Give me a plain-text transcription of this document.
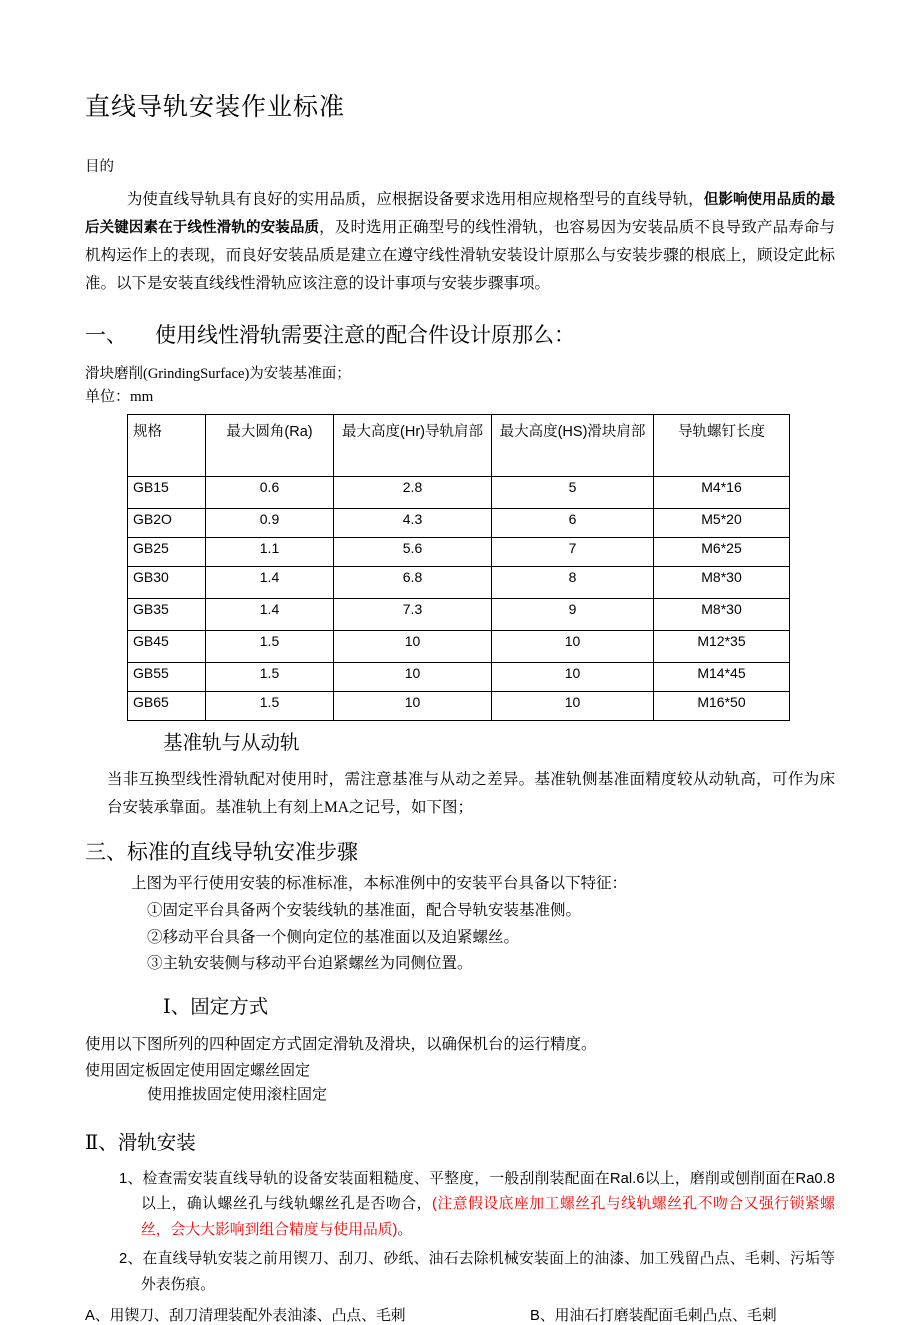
直线导轨安装作业标准
目的

为使直线导轨具有良好的实用品质，应根据设备要求选用相应规格型号的直线导轨，但影响使用品质的最后关键因素在于线性滑轨的安装品质，及时选用正确型号的线性滑轨，也容易因为安装品质不良导致产品寿命与机构运作上的表现，而良好安装品质是建立在遵守线性滑轨安装设计原那么与安装步骤的根底上，顾设定此标准。以下是安装直线线性滑轨应该注意的设计事项与安装步骤事项。

一、 使用线性滑轨需要注意的配合件设计原那么：
滑块磨削(GrindingSurface)为安装基准面；
单位：mm
规格	最大圆角(Ra)	最大高度(Hr)导轨肩部	最大高度(HS)滑块肩部	导轨螺钉长度
GB15	0.6	2.8	5	M4*16
GB2O	0.9	4.3	6	M5*20
GB25	1.1	5.6	7	M6*25
GB30	1.4	6.8	8	M8*30
GB35	1.4	7.3	9	M8*30
GB45	1.5	10	10	M12*35
GB55	1.5	10	10	M14*45
GB65	1.5	10	10	M16*50
基准轨与从动轨

当非互换型线性滑轨配对使用时，需注意基准与从动之差异。基准轨侧基准面精度较从动轨高，可作为床台安装承靠面。基准轨上有刻上MA之记号，如下图；

三、标准的直线导轨安准步骤

上图为平行使用安装的标准标准，本标准例中的安装平台具备以下特征：

①固定平台具备两个安装线轨的基准面，配合导轨安装基准侧。

②移动平台具备一个侧向定位的基准面以及迫紧螺丝。

③主轨安装侧与移动平台迫紧螺丝为同侧位置。

Ⅰ、固定方式

使用以下图所列的四种固定方式固定滑轨及滑块，以确保机台的运行精度。

使用固定板固定使用固定螺丝固定

使用推拔固定使用滚柱固定

Ⅱ、滑轨安装

1、检查需安装直线导轨的设备安装面粗糙度、平整度，一般刮削装配面在Ral.6以上，磨削或刨削面在Ra0.8以上，确认螺丝孔与线轨螺丝孔是否吻合，(注意假设底座加工螺丝孔与线轨螺丝孔不吻合又强行锁紧螺丝，会大大影响到组合精度与使用品质)。

2、在直线导轨安装之前用锲刀、刮刀、砂纸、油石去除机械安装面上的油漆、加工残留凸点、毛刺、污垢等外表伤痕。

A、用锲刀、刮刀清理装配外表油漆、凸点、毛刺	B、用油石打磨装配面毛刺凸点、毛刺
